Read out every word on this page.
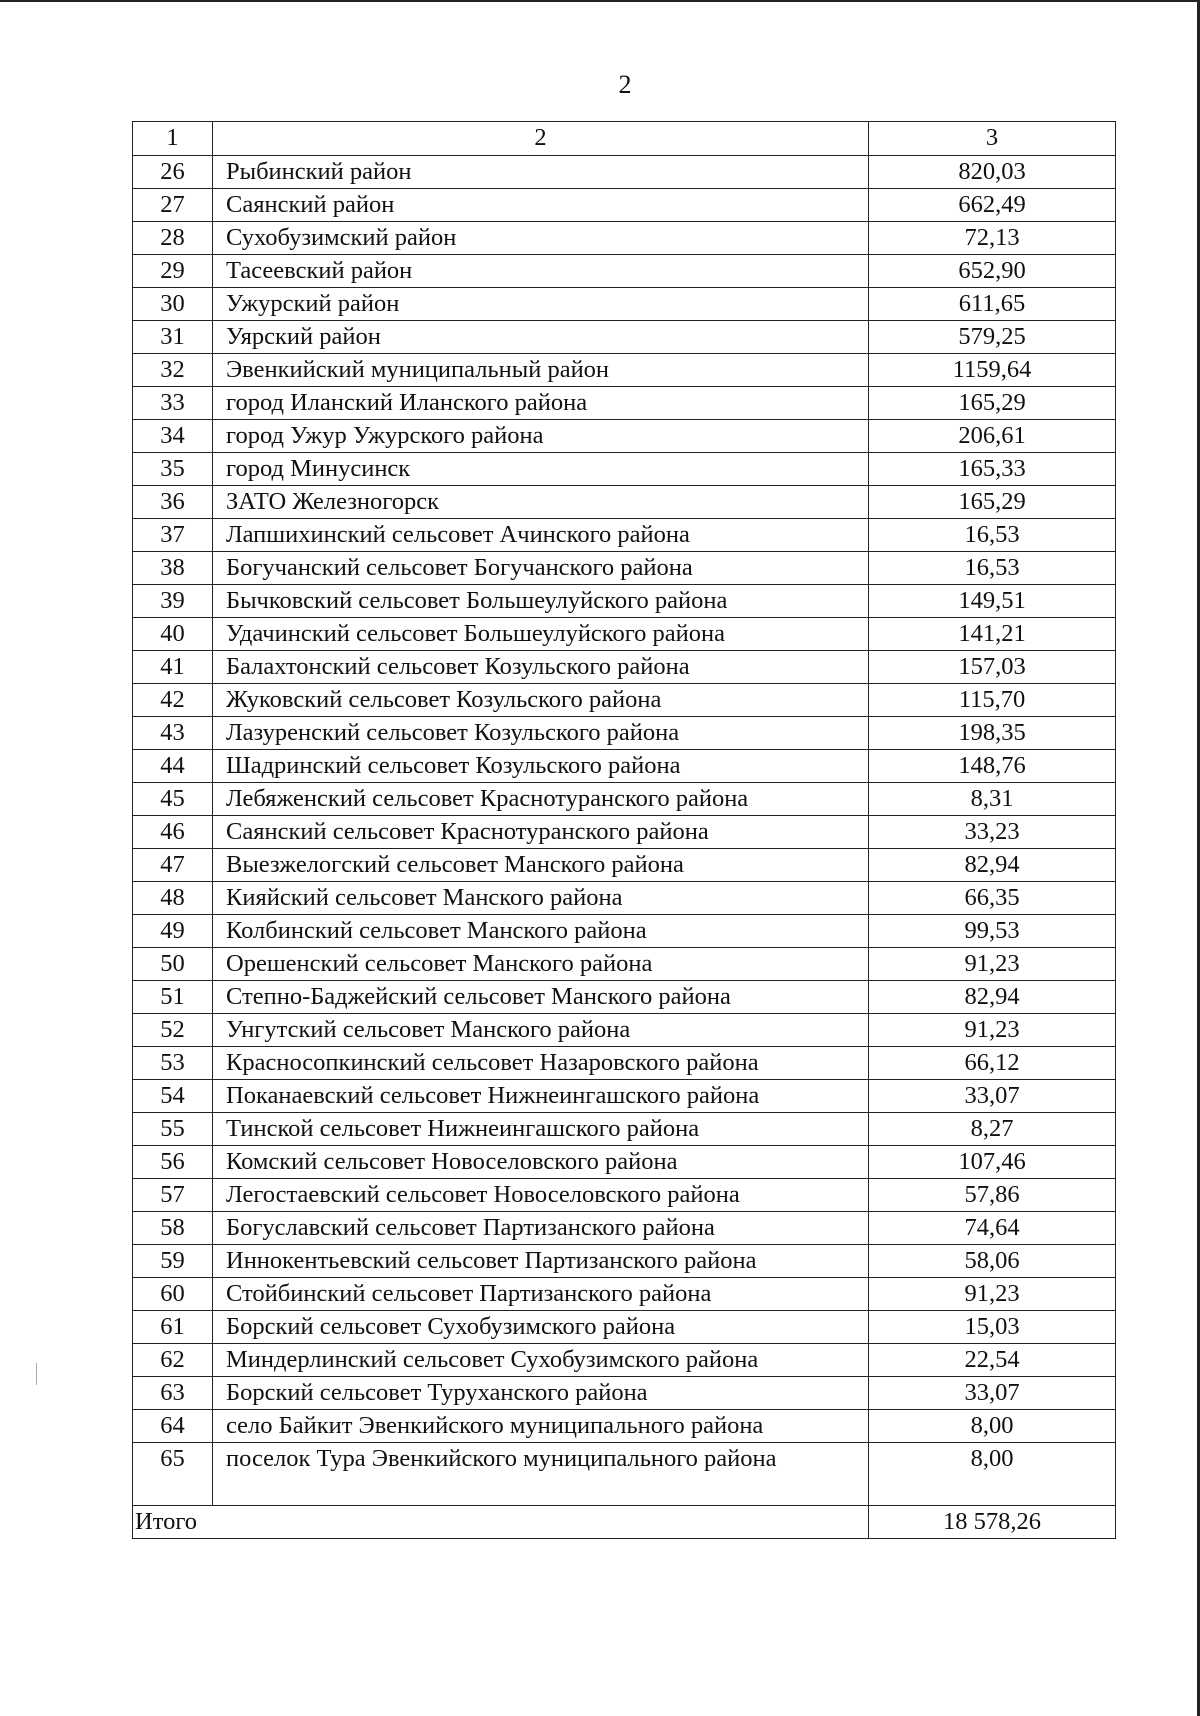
2
1	2	3
26	Рыбинский район	820,03
27	Саянский район	662,49
28	Сухобузимский район	72,13
29	Тасеевский район	652,90
30	Ужурский район	611,65
31	Уярский район	579,25
32	Эвенкийский муниципальный район	1159,64
33	город Иланский Иланского района	165,29
34	город Ужур Ужурского района	206,61
35	город Минусинск	165,33
36	ЗАТО Железногорск	165,29
37	Лапшихинский сельсовет Ачинского района	16,53
38	Богучанский сельсовет Богучанского района	16,53
39	Бычковский сельсовет Большеулуйского района	149,51
40	Удачинский сельсовет Большеулуйского района	141,21
41	Балахтонский сельсовет Козульского района	157,03
42	Жуковский сельсовет Козульского района	115,70
43	Лазуренский сельсовет Козульского района	198,35
44	Шадринский сельсовет Козульского района	148,76
45	Лебяженский сельсовет Краснотуранского района	8,31
46	Саянский сельсовет Краснотуранского района	33,23
47	Выезжелогский сельсовет Манского района	82,94
48	Кияйский сельсовет Манского района	66,35
49	Колбинский сельсовет Манского района	99,53
50	Орешенский сельсовет Манского района	91,23
51	Степно-Баджейский сельсовет Манского района	82,94
52	Унгутский сельсовет Манского района	91,23
53	Красносопкинский сельсовет Назаровского района	66,12
54	Поканаевский сельсовет Нижнеингашского района	33,07
55	Тинской сельсовет Нижнеингашского района	8,27
56	Комский сельсовет Новоселовского района	107,46
57	Легостаевский сельсовет Новоселовского района	57,86
58	Богуславский сельсовет Партизанского района	74,64
59	Иннокентьевский сельсовет Партизанского района	58,06
60	Стойбинский сельсовет Партизанского района	91,23
61	Борский сельсовет Сухобузимского района	15,03
62	Миндерлинский сельсовет Сухобузимского района	22,54
63	Борский сельсовет Туруханского района	33,07
64	село Байкит Эвенкийского муниципального района	8,00
65	поселок Тура Эвенкийского муниципального района	8,00
Итого		18 578,26
